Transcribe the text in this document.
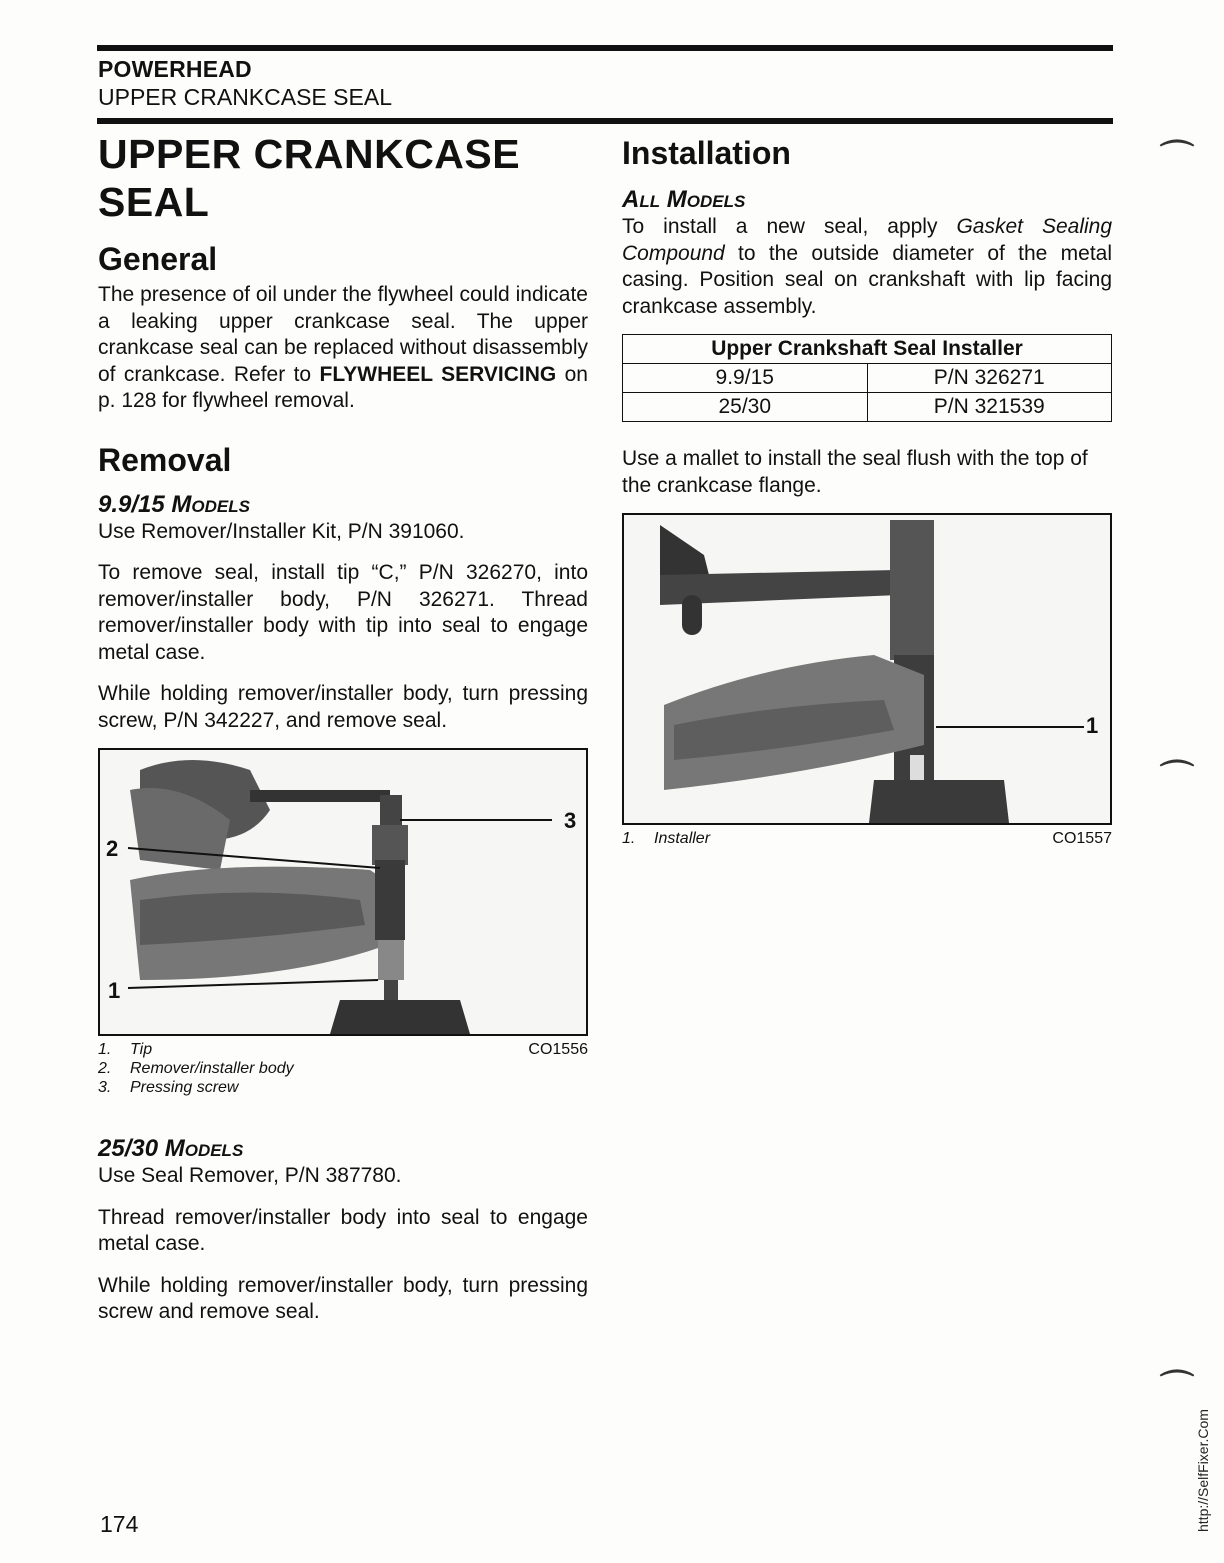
POWERHEAD
UPPER CRANKCASE SEAL
UPPER CRANKCASE
SEAL
General

The presence of oil under the flywheel could indicate a leaking upper crankcase seal. The upper crankcase seal can be replaced without disassembly of crankcase. Refer to FLYWHEEL SERVICING on p. 128 for flywheel removal.

Removal
9.9/15 Models

Use Remover/Installer Kit, P/N 391060.

To remove seal, install tip “C,” P/N 326270, into remover/installer body, P/N 326271. Thread remover/installer body with tip into seal to engage metal case.

While holding remover/installer body, turn pressing screw, P/N 342227, and remove seal.

3
2
1
1. Tip
2. Remover/installer body
3. Pressing screw
CO1556
25/30 Models

Use Seal Remover, P/N 387780.

Thread remover/installer body into seal to engage metal case.

While holding remover/installer body, turn pressing screw and remove seal.

Installation
All Models

To install a new seal, apply Gasket Sealing Compound to the outside diameter of the metal casing. Position seal on crankshaft with lip facing crankcase assembly.

Upper Crankshaft Seal Installer	
9.9/15	P/N 326271
25/30	P/N 321539

Use a mallet to install the seal flush with the top of the crankcase flange.

1
1. Installer	CO1557
174
⌒
⌒
⌒
http://SelfFixer.Com
